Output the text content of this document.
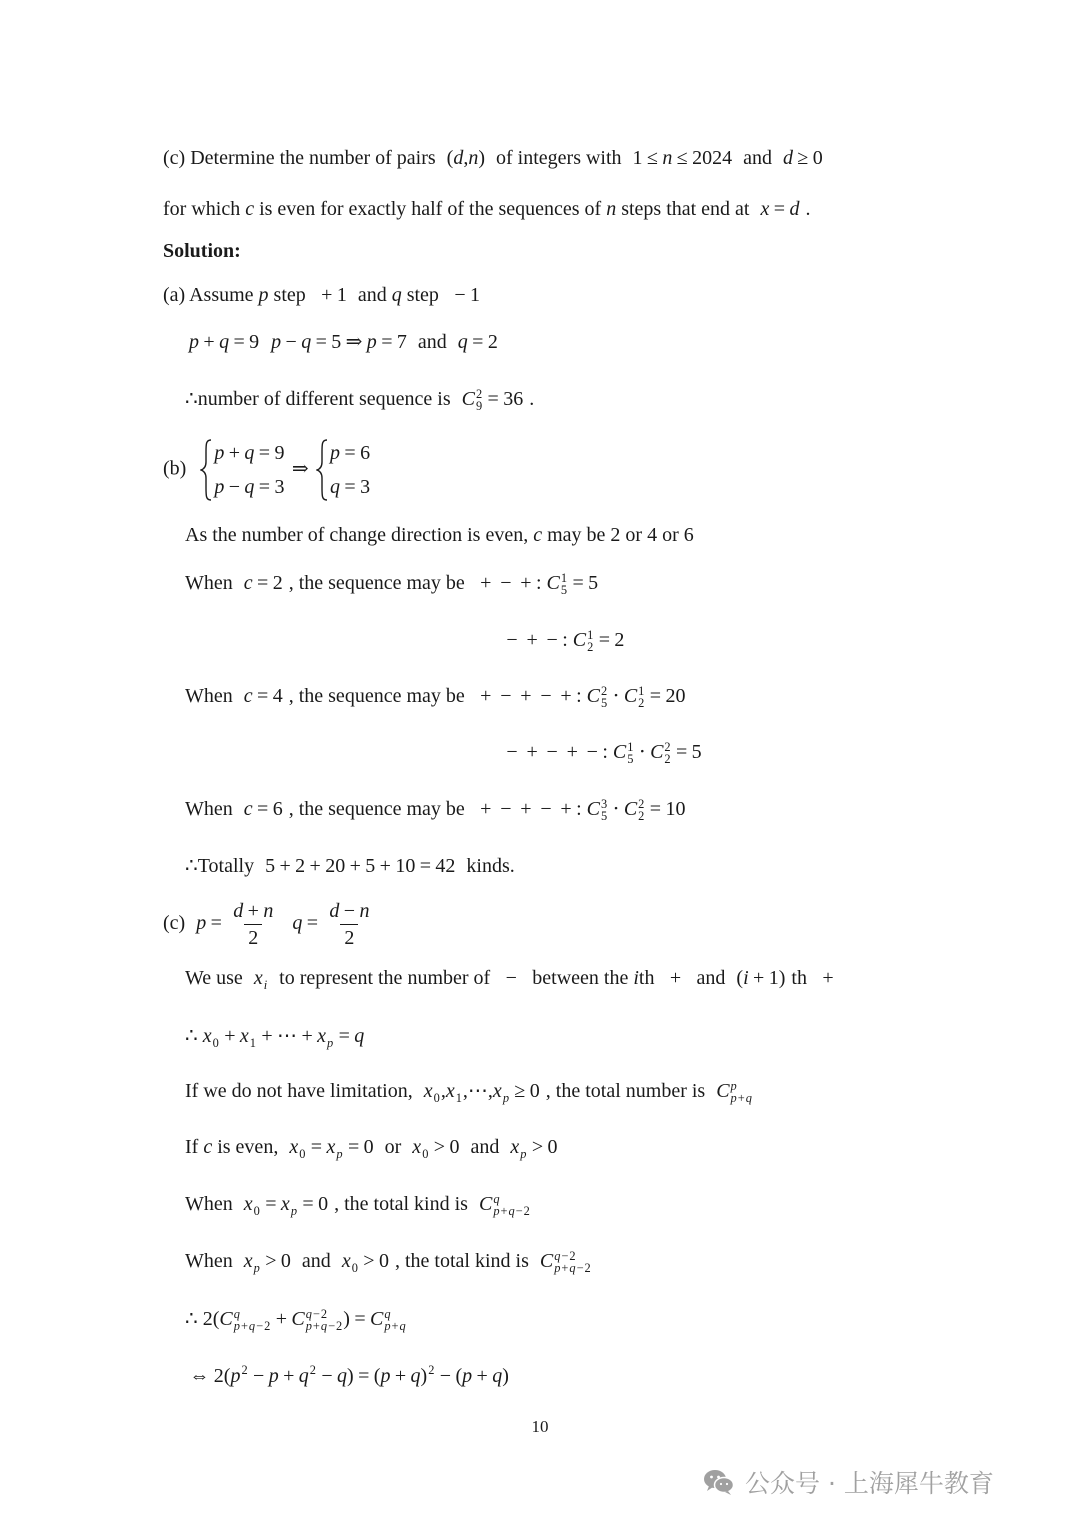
(c) Determine the number of pairs (d,n) of integers with 1 ≤ n ≤ 2024 and d ≥ 0
for which c is even for exactly half of the sequences of n steps that end at x = d .
Solution:
(a) Assume p step + 1 and q step − 1
p + q = 9 p − q = 5 ⇒ p = 7 and q = 2
∴number of different sequence is C 2
9 = 36 .
(b)
p + q = 9
p − q = 3
⇒
p = 6
q = 3
As the number of change direction is even, c may be 2 or 4 or 6
When c = 2 , the sequence may be + − + : C 1
5 = 5
− + − : C 1
2 = 2
When c = 4 , the sequence may be + − + − + : C 2
5 ⋅ C 1
2 = 20
− + − + − : C 1
5 ⋅ C 2
2 = 5
When c = 6 , the sequence may be + − + − + : C 3
5 ⋅ C 2
2 = 10
∴Totally 5 + 2 + 20 + 5 + 10 = 42 kinds.
(c) $p = \frac{d + n}{2}$ $q = \frac{d - n}{2}$
We use x i to represent the number of − between the ith + and (i + 1) th +
∴ x 0 + x 1 + ⋯ + x p = q
If we do not have limitation, x 0 ,x 1 ,⋯,x p ≥ 0 , the total number is C p
p+q
If c is even, x 0 = x p = 0 or x 0 > 0 and x p > 0
When x 0 = x p = 0 , the total kind is C q
p+q−2
When x p > 0 and x 0 > 0 , the total kind is C q−2
p+q−2
∴ 2(C q
p+q−2 + C q−2
p+q−2 ) = C q
p+q
⇔ 2(p 2 − p + q 2 − q) = (p + q) 2 − (p + q)
10
公众号 · 上海犀牛教育
